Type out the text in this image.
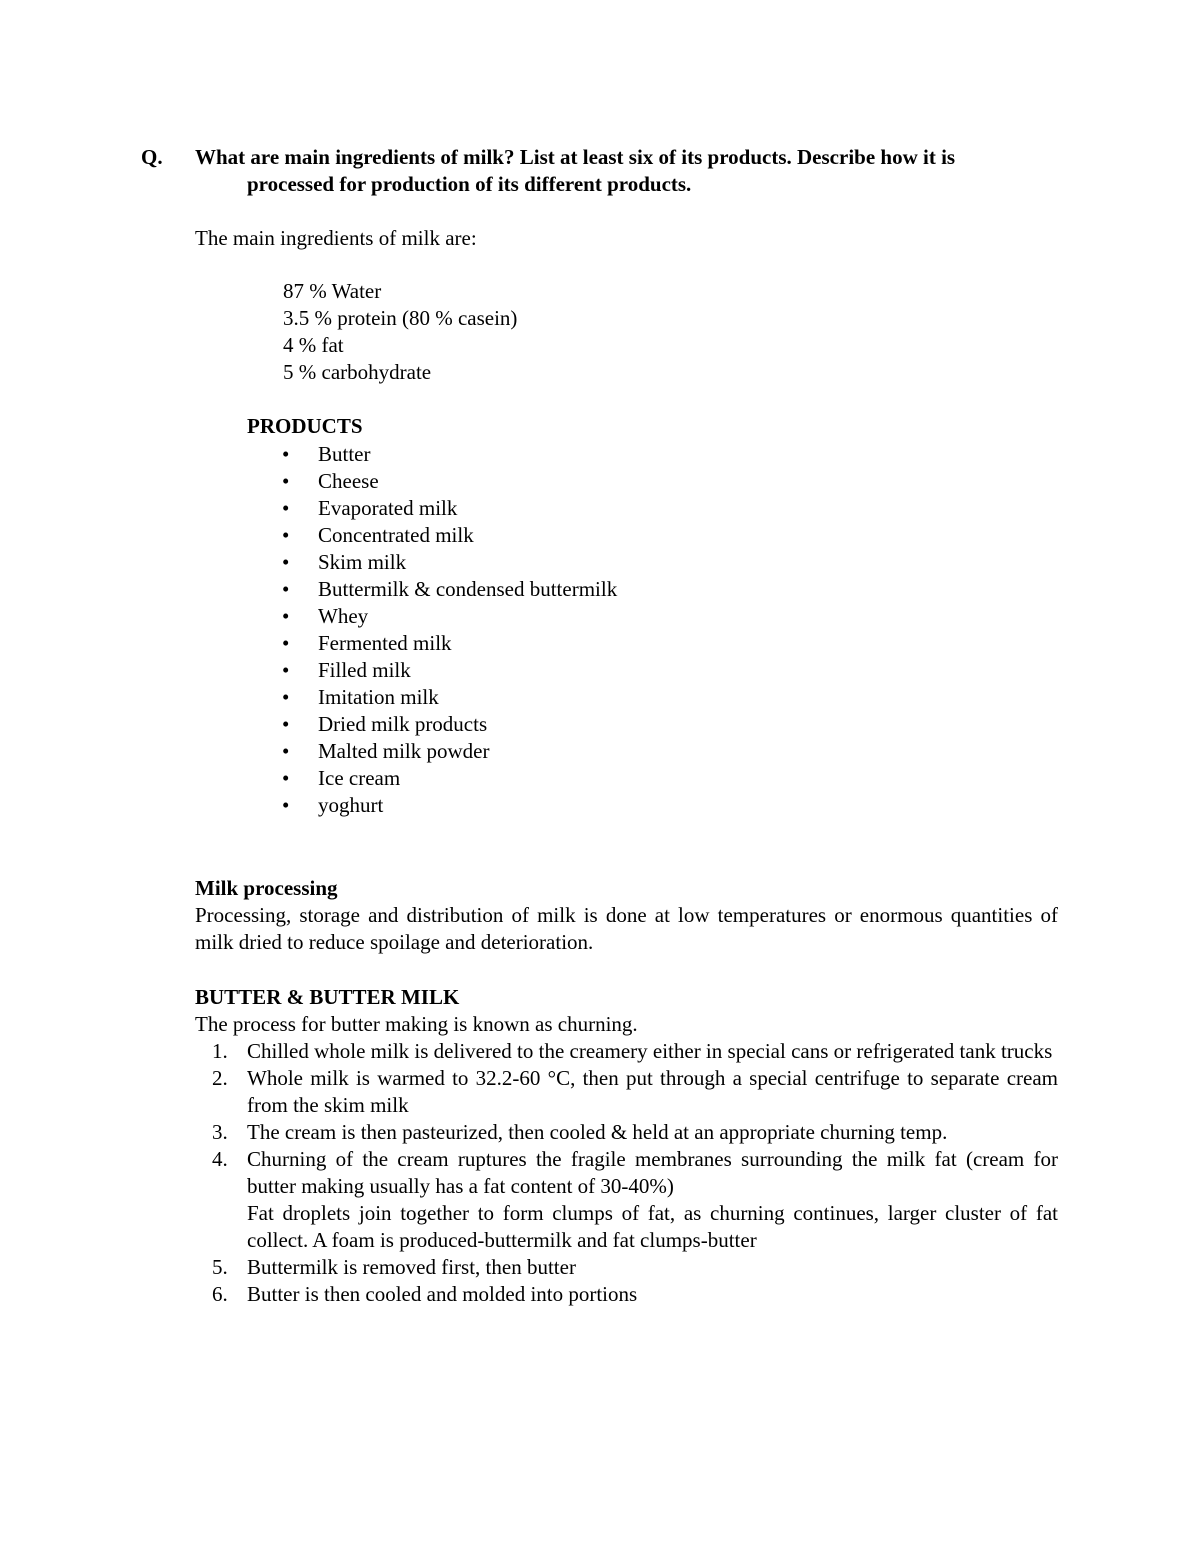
Q. What are main ingredients of milk? List at least six of its products. Describe how it is
processed for production of its different products.
The main ingredients of milk are:
87 % Water
3.5 % protein (80 % casein)
4 % fat
5 % carbohydrate
PRODUCTS
• Butter
• Cheese
• Evaporated milk
• Concentrated milk
• Skim milk
• Buttermilk & condensed buttermilk
• Whey
• Fermented milk
• Filled milk
• Imitation milk
• Dried milk products
• Malted milk powder
• Ice cream
• yoghurt
Milk processing
Processing, storage and distribution of milk is done at low temperatures or enormous quantities of milk dried to reduce spoilage and deterioration.
BUTTER & BUTTER MILK
The process for butter making is known as churning.
1. Chilled whole milk is delivered to the creamery either in special cans or refrigerated tank trucks
2. Whole milk is warmed to 32.2-60 °C, then put through a special centrifuge to separate cream from the skim milk
3. The cream is then pasteurized, then cooled & held at an appropriate churning temp.
4. Churning of the cream ruptures the fragile membranes surrounding the milk fat (cream for butter making usually has a fat content of 30-40%)
Fat droplets join together to form clumps of fat, as churning continues, larger cluster of fat collect. A foam is produced-buttermilk and fat clumps-butter
5. Buttermilk is removed first, then butter
6. Butter is then cooled and molded into portions
